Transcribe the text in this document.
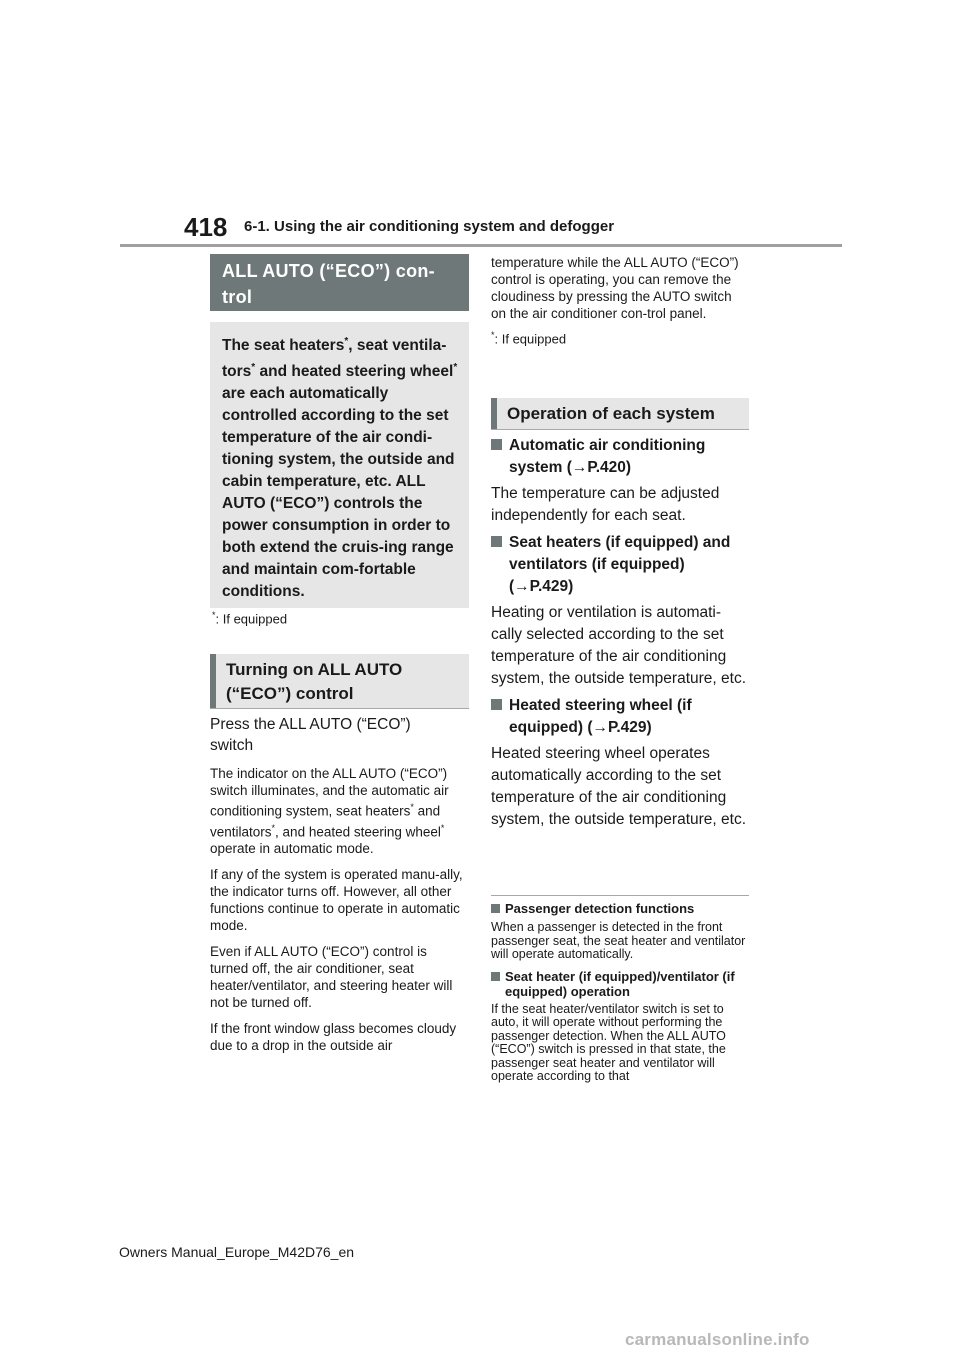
418 6-1. Using the air conditioning system and defogger
ALL AUTO (“ECO”) con-
trol

The seat heaters*, seat ventila- tors* and heated steering wheel* are each automatically controlled according to the set temperature of the air condi-tioning system, the outside and cabin temperature, etc. ALL AUTO (“ECO”) controls the power consumption in order to both extend the cruis-ing range and maintain com-fortable conditions.

*: If equipped
Turning on ALL AUTO (“ECO”) control
Press the ALL AUTO (“ECO”) switch

The indicator on the ALL AUTO (“ECO”) switch illuminates, and the automatic air conditioning system, seat heaters* and ventilators*, and heated steering wheel* operate in automatic mode.

If any of the system is operated manu-ally, the indicator turns off. However, all other functions continue to operate in automatic mode.

Even if ALL AUTO (“ECO”) control is turned off, the air conditioner, seat heater/ventilator, and steering heater will not be turned off.

If the front window glass becomes cloudy due to a drop in the outside air

temperature while the ALL AUTO (“ECO”) control is operating, you can remove the cloudiness by pressing the AUTO switch on the air conditioner con-trol panel.

*: If equipped
Operation of each system
Automatic air conditioning system (→P.420)
The temperature can be adjusted independently for each seat.
Seat heaters (if equipped) and ventilators (if equipped) (→P.429)
Heating or ventilation is automati-cally selected according to the set temperature of the air conditioning system, the outside temperature, etc.
Heated steering wheel (if equipped) (→P.429)
Heated steering wheel operates automatically according to the set temperature of the air conditioning system, the outside temperature, etc.
Passenger detection functions
When a passenger is detected in the front passenger seat, the seat heater and ventilator will operate automatically.
Seat heater (if equipped)/ventilator (if equipped) operation
If the seat heater/ventilator switch is set to auto, it will operate without performing the passenger detection. When the ALL AUTO (“ECO”) switch is pressed in that state, the passenger seat heater and ventilator will operate according to that
Owners Manual_Europe_M42D76_en
carmanualsonline.info
